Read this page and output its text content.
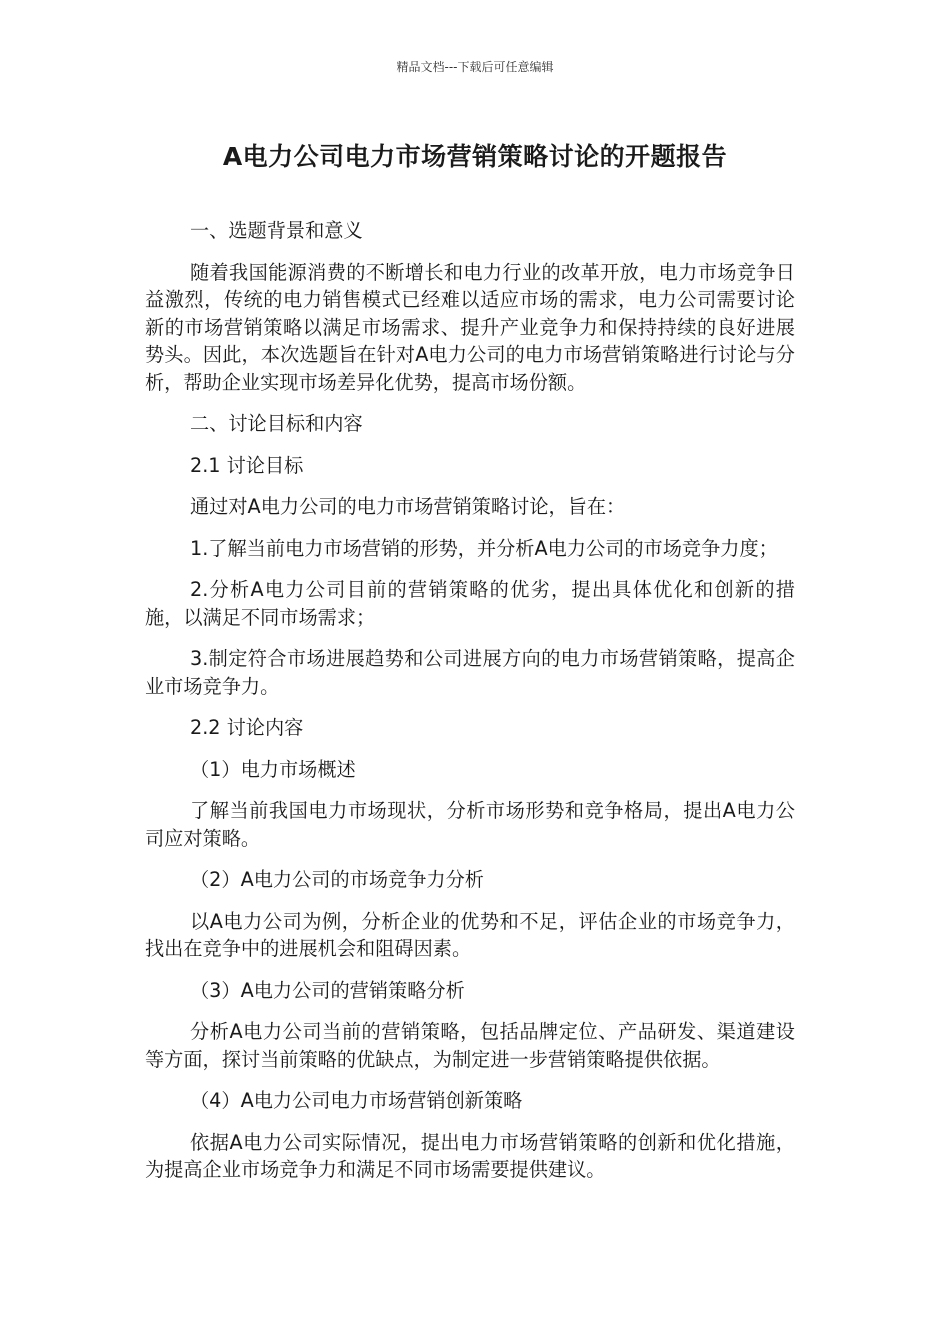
精品文档---下载后可任意编辑
A电力公司电力市场营销策略讨论的开题报告

一、选题背景和意义

随着我国能源消费的不断增长和电力行业的改革开放，电力市场竞争日益激烈，传统的电力销售模式已经难以适应市场的需求，电力公司需要讨论新的市场营销策略以满足市场需求、提升产业竞争力和保持持续的良好进展势头。因此，本次选题旨在针对A电力公司的电力市场营销策略进行讨论与分析，帮助企业实现市场差异化优势，提高市场份额。

二、讨论目标和内容

2.1 讨论目标

通过对A电力公司的电力市场营销策略讨论，旨在：

1.了解当前电力市场营销的形势，并分析A电力公司的市场竞争力度；

2.分析A电力公司目前的营销策略的优劣，提出具体优化和创新的措施，以满足不同市场需求；

3.制定符合市场进展趋势和公司进展方向的电力市场营销策略，提高企业市场竞争力。

2.2 讨论内容

（1）电力市场概述

了解当前我国电力市场现状，分析市场形势和竞争格局，提出A电力公司应对策略。

（2）A电力公司的市场竞争力分析

以A电力公司为例，分析企业的优势和不足，评估企业的市场竞争力，找出在竞争中的进展机会和阻碍因素。

（3）A电力公司的营销策略分析

分析A电力公司当前的营销策略，包括品牌定位、产品研发、渠道建设等方面，探讨当前策略的优缺点，为制定进一步营销策略提供依据。

（4）A电力公司电力市场营销创新策略

依据A电力公司实际情况，提出电力市场营销策略的创新和优化措施，为提高企业市场竞争力和满足不同市场需要提供建议。
